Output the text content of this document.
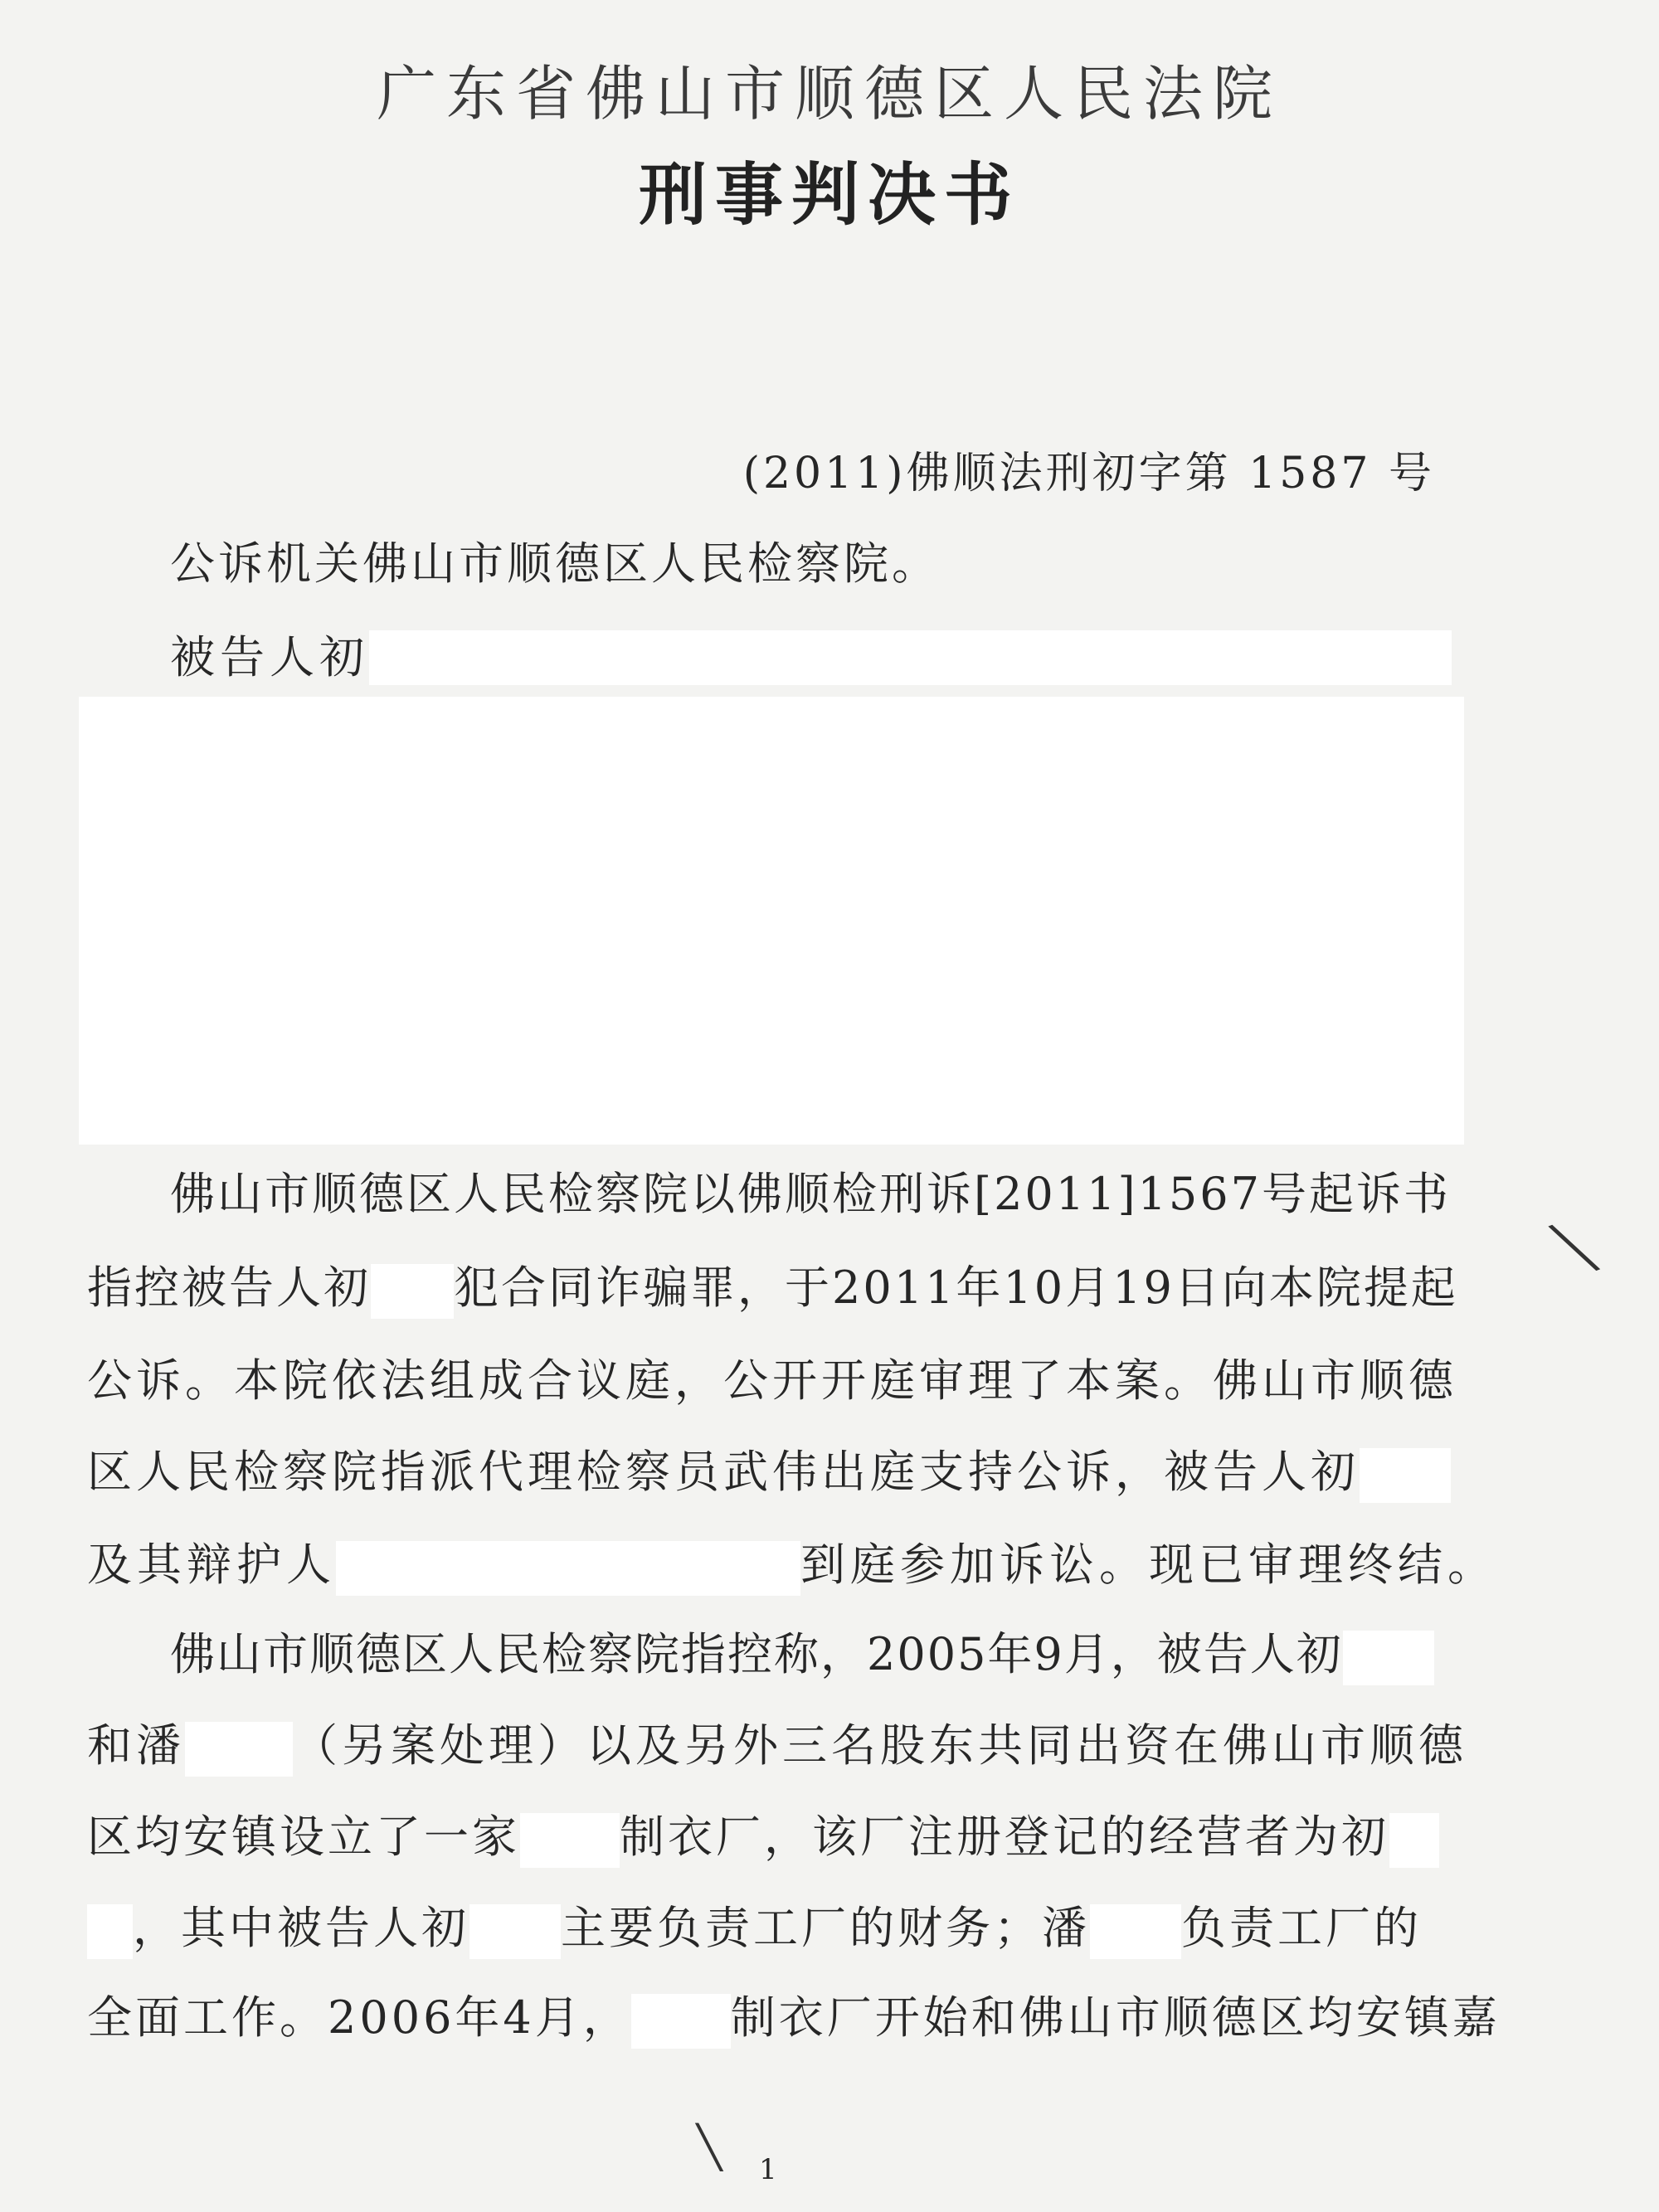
广东省佛山市顺德区人民法院
刑事判决书
(2011)佛顺法刑初字第 1587 号
公诉机关佛山市顺德区人民检察院。
被告人初
佛山市顺德区人民检察院以佛顺检刑诉[2011]1567号起诉书
指控被告人初 犯合同诈骗罪，于2011年10月19日向本院提起
公诉。本院依法组成合议庭，公开开庭审理了本案。佛山市顺德
区人民检察院指派代理检察员武伟出庭支持公诉，被告人初
及其辩护人	到庭参加诉讼。现已审理终结。
佛山市顺德区人民检察院指控称，2005年9月，被告人初
和潘 （另案处理）以及另外三名股东共同出资在佛山市顺德
区均安镇设立了一家 制衣厂，该厂注册登记的经营者为初
，其中被告人初 主要负责工厂的财务；潘 负责工厂的
全面工作。2006年4月， 制衣厂开始和佛山市顺德区均安镇嘉
1
╲
╲
